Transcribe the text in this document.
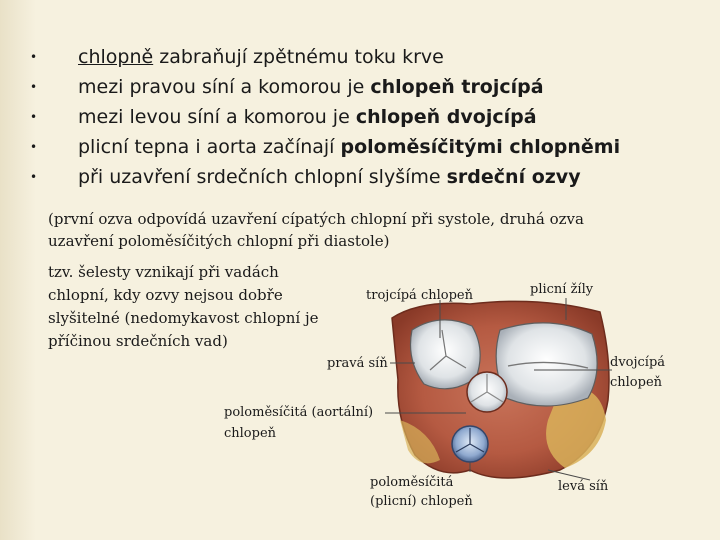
• chlopně zabraňují zpětnému toku krve
• mezi pravou síní a komorou je chlopeň trojcípá
• mezi levou síní a komorou je chlopeň dvojcípá
• plicní tepna i aorta začínají poloměsíčitými chlopněmi
• při uzavření srdečních chlopní slyšíme srdeční ozvy
(první ozva odpovídá uzavření cípatých chlopní při systole, druhá ozva
uzavření poloměsíčitých chlopní při diastole)
tzv. šelesty vznikají při vadách
chlopní, kdy ozvy nejsou dobře
slyšitelné (nedomykavost chlopní je
příčinou srdečních vad)
trojcípá chlopeň	plicní žíly
pravá síň	dvojcípá
chlopeň
poloměsíčitá (aortální)
chlopeň
poloměsíčitá
(plicní) chlopeň
levá síň
